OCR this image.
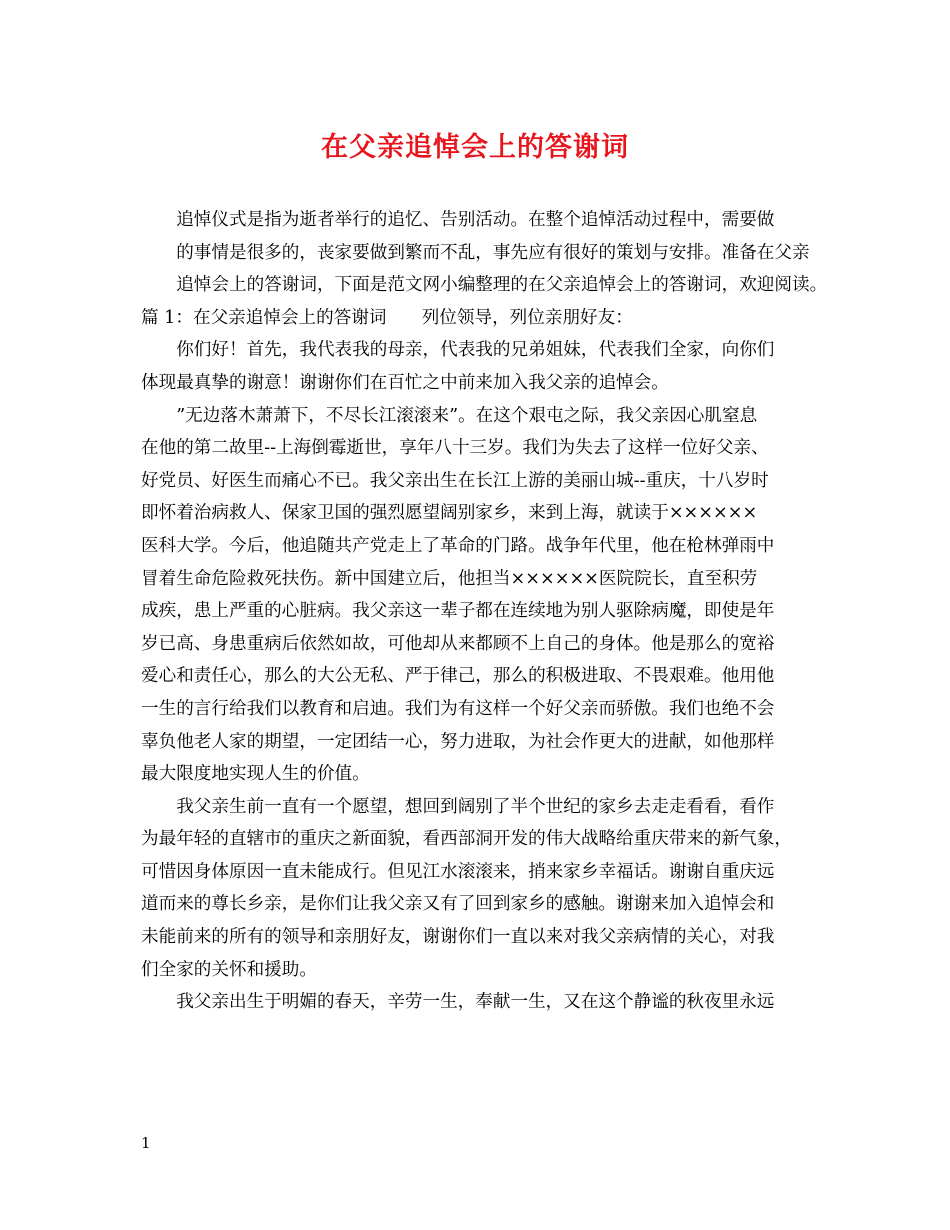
在父亲追悼会上的答谢词

追悼仪式是指为逝者举行的追忆、告别活动。在整个追悼活动过程中，需要做
的事情是很多的，丧家要做到繁而不乱，事先应有很好的策划与安排。准备在父亲
追悼会上的答谢词，下面是范文网小编整理的在父亲追悼会上的答谢词，欢迎阅读。

篇 1：在父亲追悼会上的答谢词　　列位领导，列位亲朋好友：

你们好！首先，我代表我的母亲，代表我的兄弟姐妹，代表我们全家，向你们
体现最真挚的谢意！谢谢你们在百忙之中前来加入我父亲的追悼会。

”无边落木萧萧下，不尽长江滚滚来”。在这个艰屯之际，我父亲因心肌窒息
在他的第二故里--上海倒霉逝世，享年八十三岁。我们为失去了这样一位好父亲、
好党员、好医生而痛心不已。我父亲出生在长江上游的美丽山城--重庆，十八岁时
即怀着治病救人、保家卫国的强烈愿望阔别家乡，来到上海，就读于××××××
医科大学。今后，他追随共产党走上了革命的门路。战争年代里，他在枪林弹雨中
冒着生命危险救死扶伤。新中国建立后，他担当××××××医院院长，直至积劳
成疾，患上严重的心脏病。我父亲这一辈子都在连续地为别人驱除病魔，即使是年
岁已高、身患重病后依然如故，可他却从来都顾不上自己的身体。他是那么的宽裕
爱心和责任心，那么的大公无私、严于律己，那么的积极进取、不畏艰难。他用他
一生的言行给我们以教育和启迪。我们为有这样一个好父亲而骄傲。我们也绝不会
辜负他老人家的期望，一定团结一心，努力进取，为社会作更大的进献，如他那样
最大限度地实现人生的价值。

我父亲生前一直有一个愿望，想回到阔别了半个世纪的家乡去走走看看，看作
为最年轻的直辖市的重庆之新面貌，看西部洞开发的伟大战略给重庆带来的新气象，
可惜因身体原因一直未能成行。但见江水滚滚来，捎来家乡幸福话。谢谢自重庆远
道而来的尊长乡亲，是你们让我父亲又有了回到家乡的感触。谢谢来加入追悼会和
未能前来的所有的领导和亲朋好友，谢谢你们一直以来对我父亲病情的关心，对我
们全家的关怀和援助。

我父亲出生于明媚的春天，辛劳一生，奉献一生，又在这个静谧的秋夜里永远

1
